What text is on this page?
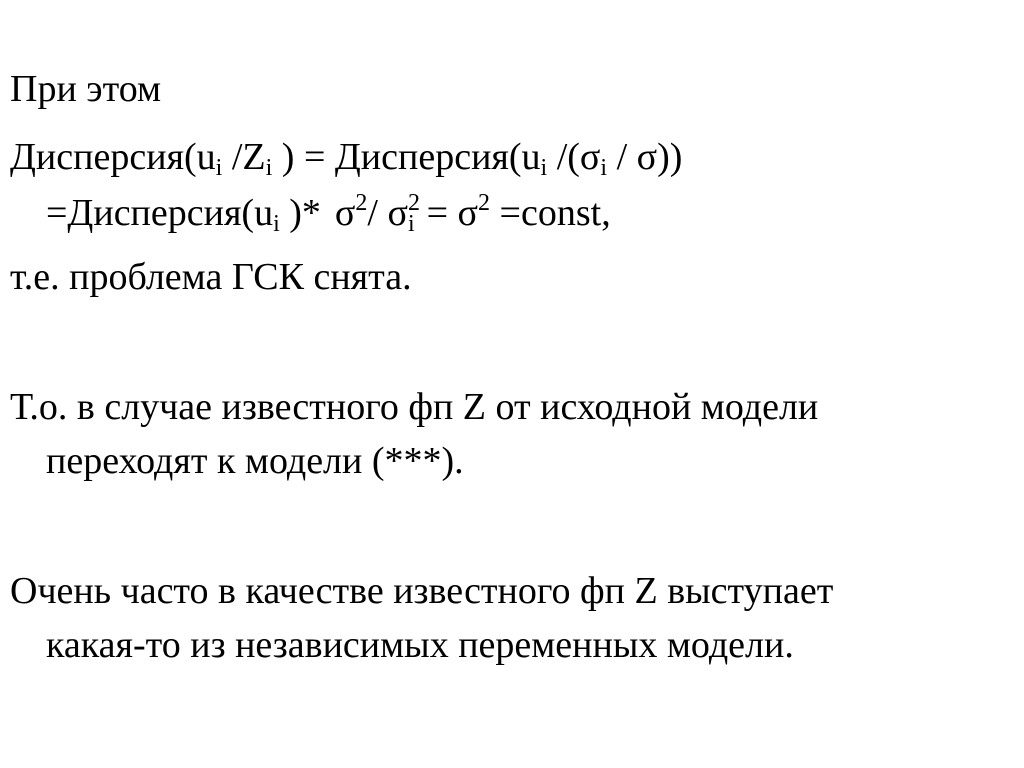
При этом
$Дисперсия(u_i$ $/Z_i$ ) = $Дисперсия(u_i$ $/(\sigma_i / \sigma)$)
$=Дисперсия(u_i$ )* $\sigma^2/$ $\sigma^2_i = \sigma^2$ =const,
т.е. проблема ГСК снята.
Т.о. в случае известного фп Z от исходной модели
переходят к модели (***).
Очень часто в качестве известного фп Z выступает
какая-то из независимых переменных модели.
